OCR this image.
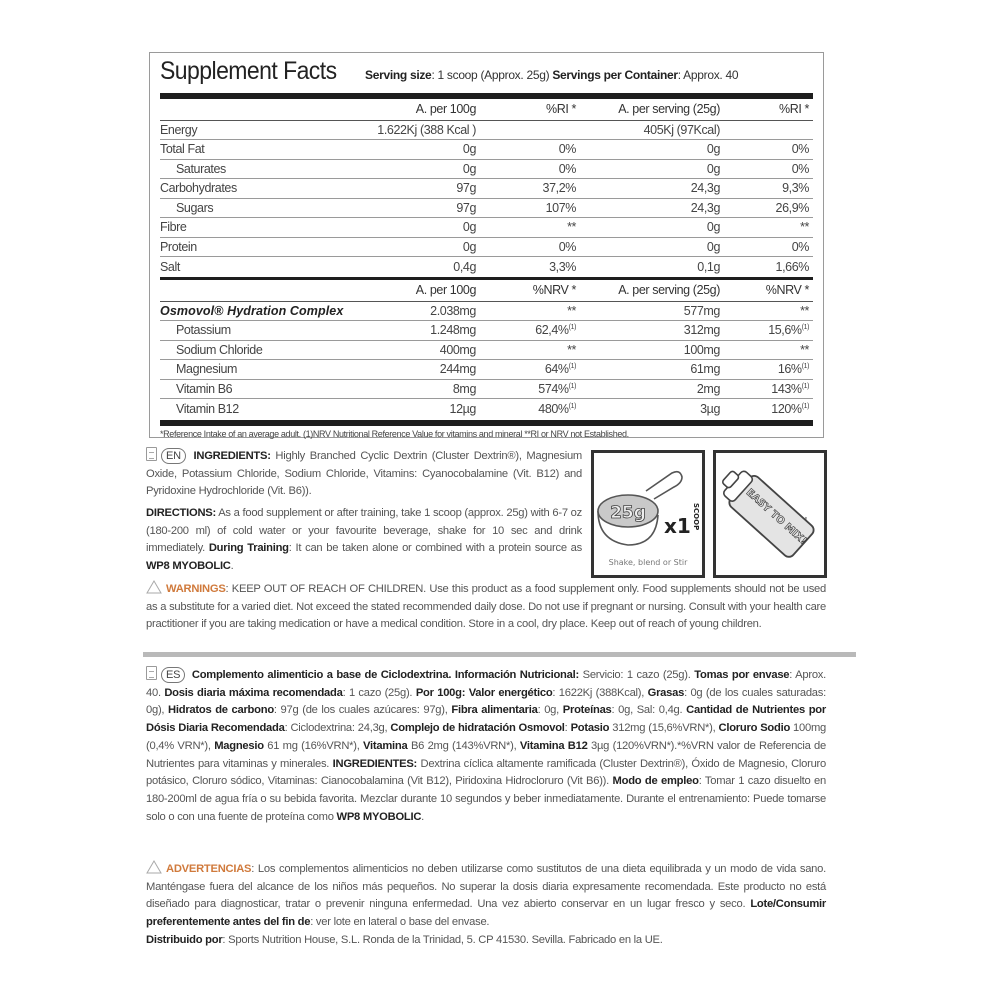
Supplement Facts	Serving size: 1 scoop (Approx. 25g) Servings per Container: Approx. 40
	A. per 100g	%RI *	A. per serving (25g)	%RI *
Energy	1.622Kj (388 Kcal )		405Kj (97Kcal)	
Total Fat	0g	0%	0g	0%
Saturates	0g	0%	0g	0%
Carbohydrates	97g	37,2%	24,3g	9,3%
Sugars	97g	107%	24,3g	26,9%
Fibre	0g	**	0g	**
Protein	0g	0%	0g	0%
Salt	0,4g	3,3%	0,1g	1,66%
	A. per 100g	%NRV *	A. per serving (25g)	%NRV *
Osmovol® Hydration Complex	2.038mg	**	577mg	**
Potassium	1.248mg	62,4%$^{(1)}$	312mg	15,6%$^{(1)}$
Sodium Chloride	400mg	**	100mg	**
Magnesium	244mg	64%$^{(1)}$	61mg	16%$^{(1)}$
Vitamin B6	8mg	574%$^{(1)}$	2mg	143%$^{(1)}$
Vitamin B12	12µg	480%$^{(1)}$	3µg	120%$^{(1)}$
*Reference Intake of an average adult. (1)NRV Nutritional Reference Value for vitamins and mineral **RI or NRV not Established.
EN INGREDIENTS: Highly Branched Cyclic Dextrin (Cluster Dextrin®), Magnesium Oxide, Potassium Chloride, Sodium Chloride, Vitamins: Cyanocobalamine (Vit. B12) and Pyridoxine Hydrochloride (Vit. B6)).
DIRECTIONS: As a food supplement or after training, take 1 scoop (approx. 25g) with 6-7 oz (180-200 ml) of cold water or your favourite beverage, shake for 10 sec and drink immediately. During Training: It can be taken alone or combined with a protein source as WP8 MYOBOLIC.
25g
x1 SCOOP
Shake, blend or Stir
EASY TO MIX!
WARNINGS: KEEP OUT OF REACH OF CHILDREN. Use this product as a food supplement only. Food supplements should not be used as a substitute for a varied diet. Not exceed the stated recommended daily dose. Do not use if pregnant or nursing. Consult with your health care practitioner if you are taking medication or have a medical condition. Store in a cool, dry place. Keep out of reach of young children.
ES Complemento alimenticio a base de Ciclodextrina. Información Nutricional: Servicio: 1 cazo (25g). Tomas por envase: Aprox. 40. Dosis diaria máxima recomendada: 1 cazo (25g). Por 100g: Valor energético: 1622Kj (388Kcal), Grasas: 0g (de los cuales saturadas: 0g), Hidratos de carbono: 97g (de los cuales azúcares: 97g), Fibra alimentaria: 0g, Proteínas: 0g, Sal: 0,4g. Cantidad de Nutrientes por Dósis Diaria Recomendada: Ciclodextrina: 24,3g, Complejo de hidratación Osmovol: Potasio 312mg (15,6%VRN*), Cloruro Sodio 100mg (0,4% VRN*), Magnesio 61 mg (16%VRN*), Vitamina B6 2mg (143%VRN*), Vitamina B12 3µg (120%VRN*).*%VRN valor de Referencia de Nutrientes para vitaminas y minerales. INGREDIENTES: Dextrina cíclica altamente ramificada (Cluster Dextrin®), Óxido de Magnesio, Cloruro potásico, Cloruro sódico, Vitaminas: Cianocobalamina (Vit B12), Piridoxina Hidrocloruro (Vit B6)). Modo de empleo: Tomar 1 cazo disuelto en 180-200ml de agua fría o su bebida favorita. Mezclar durante 10 segundos y beber inmediatamente. Durante el entrenamiento: Puede tomarse solo o con una fuente de proteína como WP8 MYOBOLIC.
ADVERTENCIAS: Los complementos alimenticios no deben utilizarse como sustitutos de una dieta equilibrada y un modo de vida sano. Manténgase fuera del alcance de los niños más pequeños. No superar la dosis diaria expresamente recomendada. Este producto no está diseñado para diagnosticar, tratar o prevenir ninguna enfermedad. Una vez abierto conservar en un lugar fresco y seco. Lote/Consumir preferentemente antes del fin de: ver lote en lateral o base del envase.
Distribuido por: Sports Nutrition House, S.L. Ronda de la Trinidad, 5. CP 41530. Sevilla. Fabricado en la UE.
